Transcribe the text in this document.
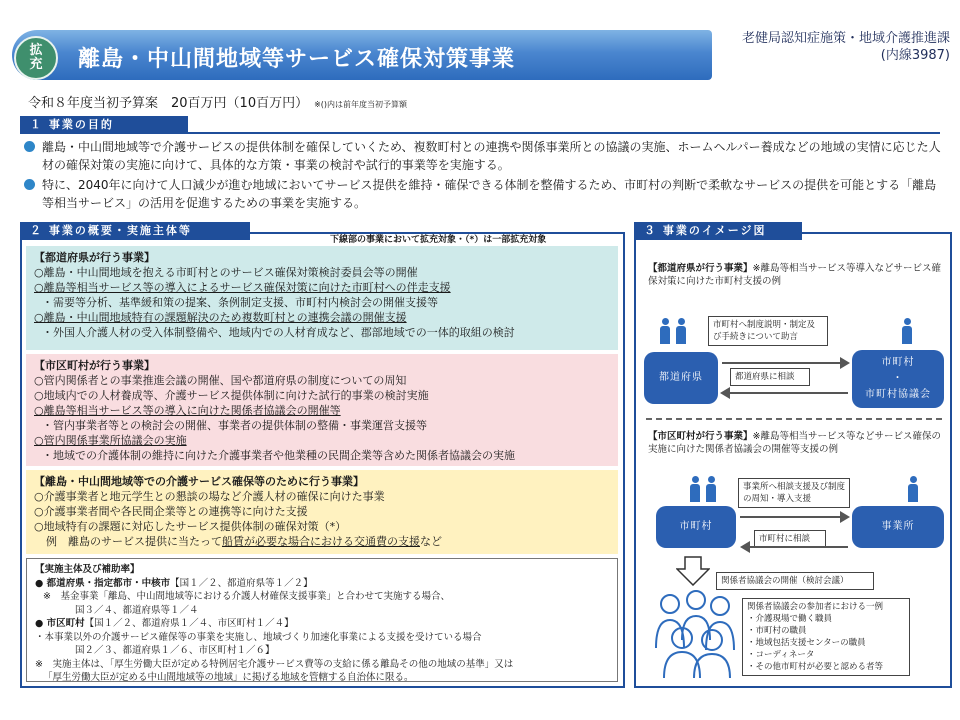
拡充 離島・中山間地域等サービス確保対策事業
老健局認知症施策・地域介護推進課
(内線3987)
令和８年度当初予算案　20百万円（10百万円） ※()内は前年度当初予算額
１ 事業の目的
離島・中山間地域等で介護サービスの提供体制を確保していくため、複数町村との連携や関係事業所との協議の実施、ホームヘルパー養成などの地域の実情に応じた人材の確保対策の実施に向けて、具体的な方策・事業の検討や試行的事業等を実施する。
特に、2040年に向けて人口減少が進む地域においてサービス提供を維持・確保できる体制を整備するため、市町村の判断で柔軟なサービスの提供を可能とする「離島等相当サービス」の活用を促進するための事業を実施する。
２ 事業の概要・実施主体等
下線部の事業において拡充対象・（*）は一部拡充対象
【都道府県が行う事業】
○離島・中山間地域を抱える市町村とのサービス確保対策検討委員会等の開催
○離島等相当サービス等の導入によるサービス確保対策に向けた市町村への伴走支援
・需要等分析、基準緩和策の提案、条例制定支援、市町村内検討会の開催支援等
○離島・中山間地域特有の課題解決のため複数町村との連携会議の開催支援
・外国人介護人材の受入体制整備や、地域内での人材育成など、郡部地域での一体的取組の検討
【市区町村が行う事業】
○管内関係者との事業推進会議の開催、国や都道府県の制度についての周知
○地域内での人材養成等、介護サービス提供体制に向けた試行的事業の検討実施
○離島等相当サービス等の導入に向けた関係者協議会の開催等
・管内事業者等との検討会の開催、事業者の提供体制の整備・事業運営支援等
○管内関係事業所協議会の実施
・地域での介護体制の維持に向けた介護事業者や他業種の民間企業等含めた関係者協議会の実施
【離島・中山間地域等での介護サービス確保等のために行う事業】
○介護事業者と地元学生との懇談の場など介護人材の確保に向けた事業
○介護事業者間や各民間企業等との連携等に向けた支援
○地域特有の課題に対応したサービス提供体制の確保対策（*）
例　離島のサービス提供に当たって船賃が必要な場合における交通費の支援など
【実施主体及び補助率】
● 都道府県・指定都市・中核市【国１／２、都道府県等１／２】
※　基金事業「離島、中山間地域等における介護人材確保支援事業」と合わせて実施する場合、
国３／４、都道府県等１／４
● 市区町村【国１／２、都道府県１／４、市区町村１／４】
・本事業以外の介護サービス確保等の事業を実施し、地域づくり加速化事業による支援を受けている場合
国２／３、都道府県１／６、市区町村１／６】
※　実施主体は、「厚生労働大臣が定める特例居宅介護サービス費等の支給に係る離島その他の地域の基準」又は
「厚生労働大臣が定める中山間地域等の地域」に掲げる地域を管轄する自治体に限る。
３ 事業のイメージ図
【都道府県が行う事業】※離島等相当サービス等導入などサービス確保対策に向けた市町村支援の例
市町村へ制度説明・制定及び手続きについて助言
都道府県
市町村
・
市町村協議会
都道府県に相談
【市区町村が行う事業】※離島等相当サービス等などサービス確保の実施に向けた関係者協議会の開催等支援の例
事業所へ相談支援及び制度の周知・導入支援
市町村	事業所
市町村に相談
関係者協議会の開催（検討会議）
関係者協議会の参加者における一例
・介護現場で働く職員
・市町村の職員
・地域包括支援センターの職員
・コーディネータ
・その他市町村が必要と認める者等
